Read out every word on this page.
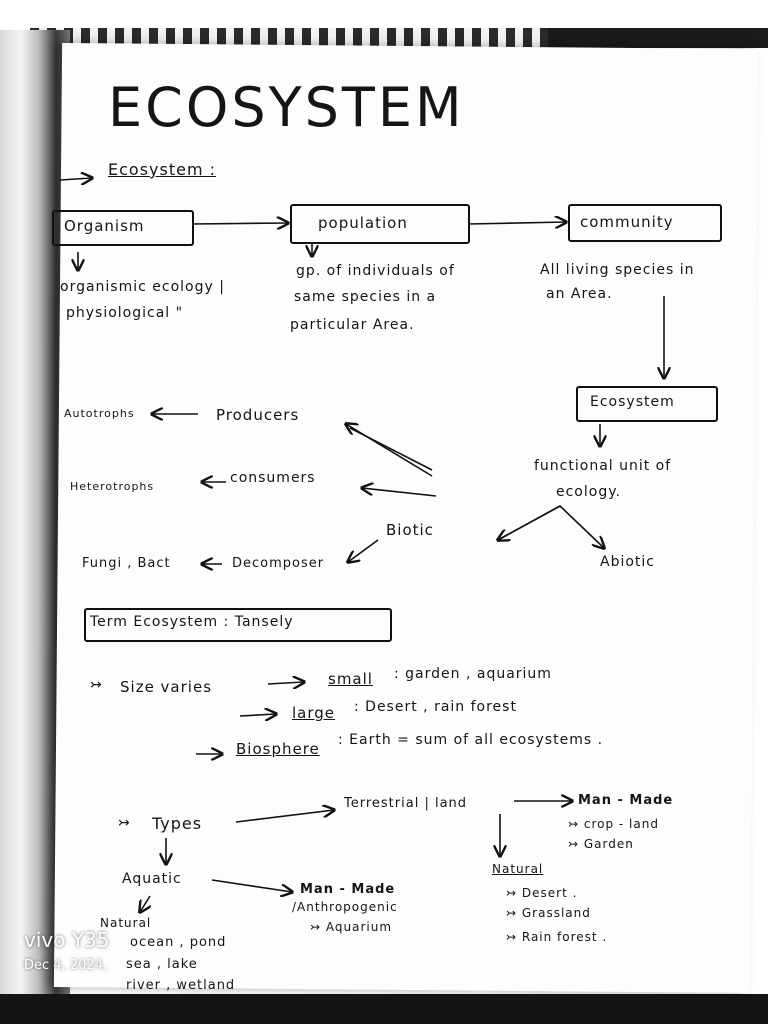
ECOSYSTEM
Ecosystem :
Organism	population	community
organismic ecology |
physiological "
gp. of individuals of
same species in a
particular Area.
All living species in
an Area.
Ecosystem
functional unit of
ecology.
Autotrophs	Producers
Heterotrophs
consumers
Biotic
Fungi , Bact	Decomposer	Abiotic
Term Ecosystem : Tansely
↣ Size varies	small : garden , aquarium
large : Desert , rain forest
Biosphere : Earth = sum of all ecosystems .
↣ Types
Terrestrial | land	Man - Made
↣ crop - land
↣ Garden
Natural
↣ Desert .
↣ Grassland
↣ Rain forest .
Aquatic
Man - Made
/Anthropogenic
↣ Aquarium
Natural
ocean , pond
sea , lake
river , wetland
vivo Y35
Dec 4, 2024,
